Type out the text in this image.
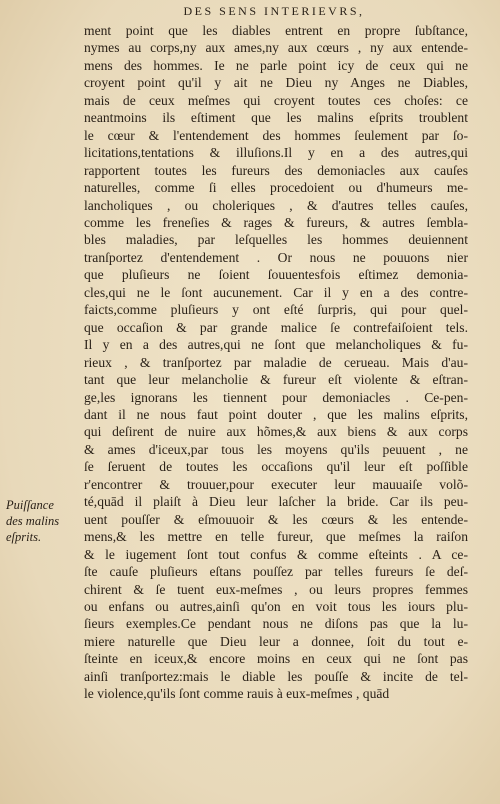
DES SENS INTERIEVRS,
Puiſſance
des malins
eſprits.
ment point que les diables entrent en propre ſubſtance,
nymes au corps,ny aux ames,ny aux cœurs , ny aux entende-
mens des hommes. Ie ne parle point icy de ceux qui ne
croyent point qu'il y ait ne Dieu ny Anges ne Diables,
mais de ceux meſmes qui croyent toutes ces choſes: ce
neantmoins ils eſtiment que les malins eſprits troublent
le cœur & l'entendement des hommes ſeulement par ſo-
licitations,tentations & illuſions.Il y en a des autres,qui
rapportent toutes les fureurs des demoniacles aux cauſes
naturelles, comme ſi elles procedoient ou d'humeurs me-
lancholiques , ou choleriques , & d'autres telles cauſes,
comme les freneſies & rages & fureurs, & autres ſembla-
bles maladies, par leſquelles les hommes deuiennent
tranſportez d'entendement . Or nous ne pouuons nier
que pluſieurs ne ſoient ſouuentesfois eſtimez demonia-
cles,qui ne le ſont aucunement. Car il y en a des contre-
faicts,comme pluſieurs y ont eſté ſurpris, qui pour quel-
que occaſion & par grande malice ſe contrefaiſoient tels.
Il y en a des autres,qui ne ſont que melancholiques & fu-
rieux , & tranſportez par maladie de cerueau. Mais d'au-
tant que leur melancholie & fureur eſt violente & eſtran-
ge,les ignorans les tiennent pour demoniacles . Ce-pen-
dant il ne nous faut point douter , que les malins eſprits,
qui deſirent de nuire aux hõmes,& aux biens & aux corps
& ames d'iceux,par tous les moyens qu'ils peuuent , ne
ſe ſeruent de toutes les occaſions qu'il leur eſt poſſible
r'encontrer & trouuer,pour executer leur mauuaiſe volõ-
té,quād il plaiſt à Dieu leur laſcher la bride. Car ils peu-
uent pouſſer & eſmouuoir & les cœurs & les entende-
mens,& les mettre en telle fureur, que meſmes la raiſon
& le iugement ſont tout confus & comme eſteints . A ce-
ſte cauſe pluſieurs eſtans pouſſez par telles fureurs ſe deſ-
chirent & ſe tuent eux-meſmes , ou leurs propres femmes
ou enfans ou autres,ainſi qu'on en voit tous les iours plu-
ſieurs exemples.Ce pendant nous ne diſons pas que la lu-
miere naturelle que Dieu leur a donnee, ſoit du tout e-
ſteinte en iceux,& encore moins en ceux qui ne ſont pas
ainſi tranſportez:mais le diable les pouſſe & incite de tel-
le violence,qu'ils ſont comme rauis à eux-meſmes , quād
